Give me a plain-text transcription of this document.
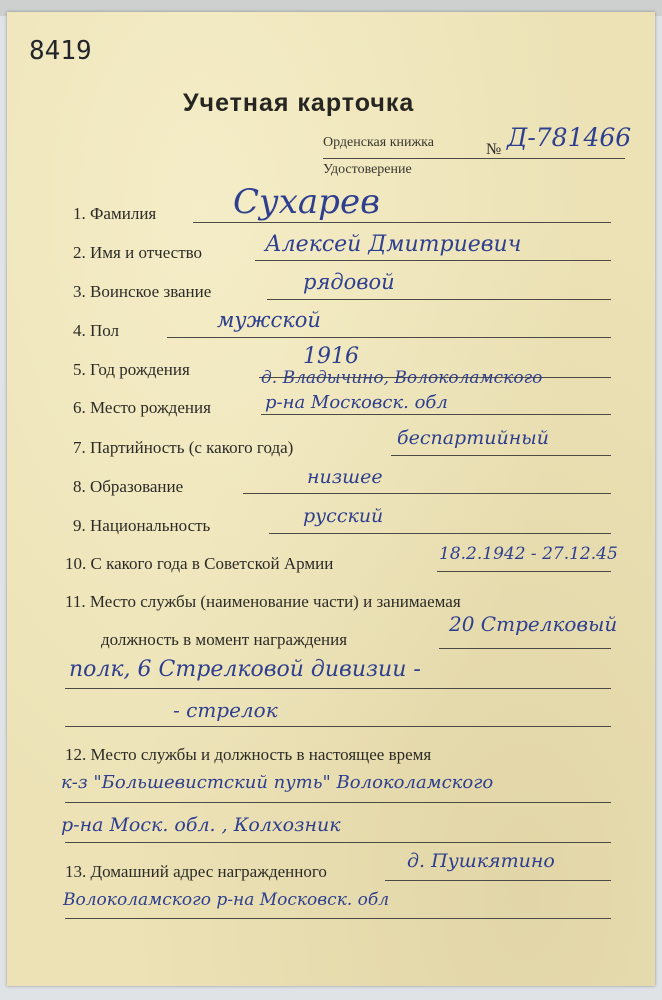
8419
Учетная карточка
Орденская книжка	№ Д-781466
Удостоверение
1. Фамилия Сухарев
2. Имя и отчество	Алексей Дмитриевич
3. Воинское звание	рядовой
4. Пол	мужской
5. Год рождения
1916
д. Владычино, Волоколамского
6. Место рождения	р-на Московск. обл
7. Партийность (с какого года)	беспартийный
8. Образование	низшее
9. Национальность	русский
10. С какого года в Советской Армии	18.2.1942 - 27.12.45
11. Место службы (наименование части) и занимаемая
должность в момент награждения
20 Стрелковый
полк, 6 Стрелковой дивизии -
- стрелок
12. Место службы и должность в настоящее время
к-з "Большевистский путь" Волоколамского
р-на Моск. обл. , Колхозник
13. Домашний адрес награжденного	д. Пушкятино
Волоколамского р-на Московск. обл
